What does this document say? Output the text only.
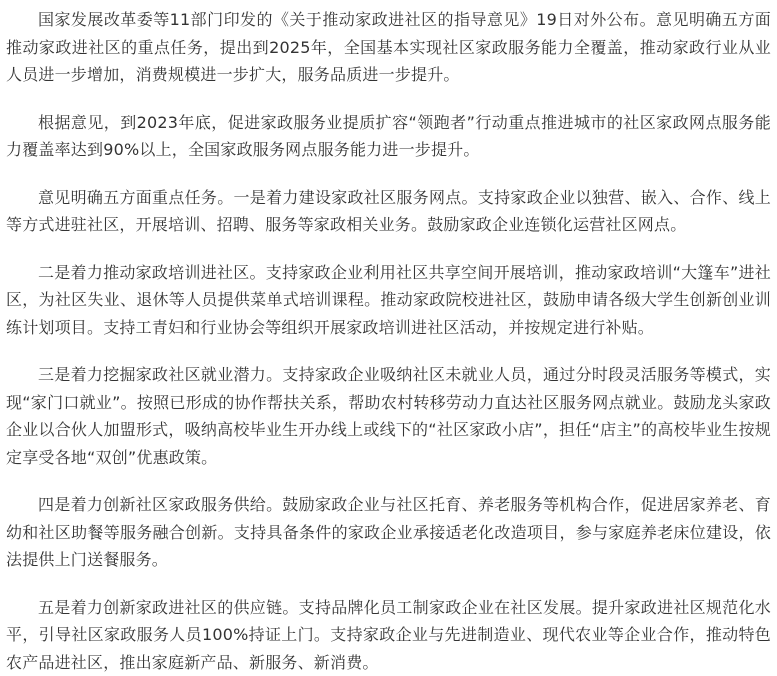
国家发展改革委等11部门印发的《关于推动家政进社区的指导意见》19日对外公布。意见明确五方面推动家政进社区的重点任务，提出到2025年，全国基本实现社区家政服务能力全覆盖，推动家政行业从业人员进一步增加，消费规模进一步扩大，服务品质进一步提升。

根据意见，到2023年底，促进家政服务业提质扩容“领跑者”行动重点推进城市的社区家政网点服务能力覆盖率达到90%以上，全国家政服务网点服务能力进一步提升。

意见明确五方面重点任务。一是着力建设家政社区服务网点。支持家政企业以独营、嵌入、合作、线上等方式进驻社区，开展培训、招聘、服务等家政相关业务。鼓励家政企业连锁化运营社区网点。

二是着力推动家政培训进社区。支持家政企业利用社区共享空间开展培训，推动家政培训“大篷车”进社区，为社区失业、退休等人员提供菜单式培训课程。推动家政院校进社区，鼓励申请各级大学生创新创业训练计划项目。支持工青妇和行业协会等组织开展家政培训进社区活动，并按规定进行补贴。

三是着力挖掘家政社区就业潜力。支持家政企业吸纳社区未就业人员，通过分时段灵活服务等模式，实现“家门口就业”。按照已形成的协作帮扶关系，帮助农村转移劳动力直达社区服务网点就业。鼓励龙头家政企业以合伙人加盟形式，吸纳高校毕业生开办线上或线下的“社区家政小店”，担任“店主”的高校毕业生按规定享受各地“双创”优惠政策。

四是着力创新社区家政服务供给。鼓励家政企业与社区托育、养老服务等机构合作，促进居家养老、育幼和社区助餐等服务融合创新。支持具备条件的家政企业承接适老化改造项目，参与家庭养老床位建设，依法提供上门送餐服务。

五是着力创新家政进社区的供应链。支持品牌化员工制家政企业在社区发展。提升家政进社区规范化水平，引导社区家政服务人员100%持证上门。支持家政企业与先进制造业、现代农业等企业合作，推动特色农产品进社区，推出家庭新产品、新服务、新消费。
